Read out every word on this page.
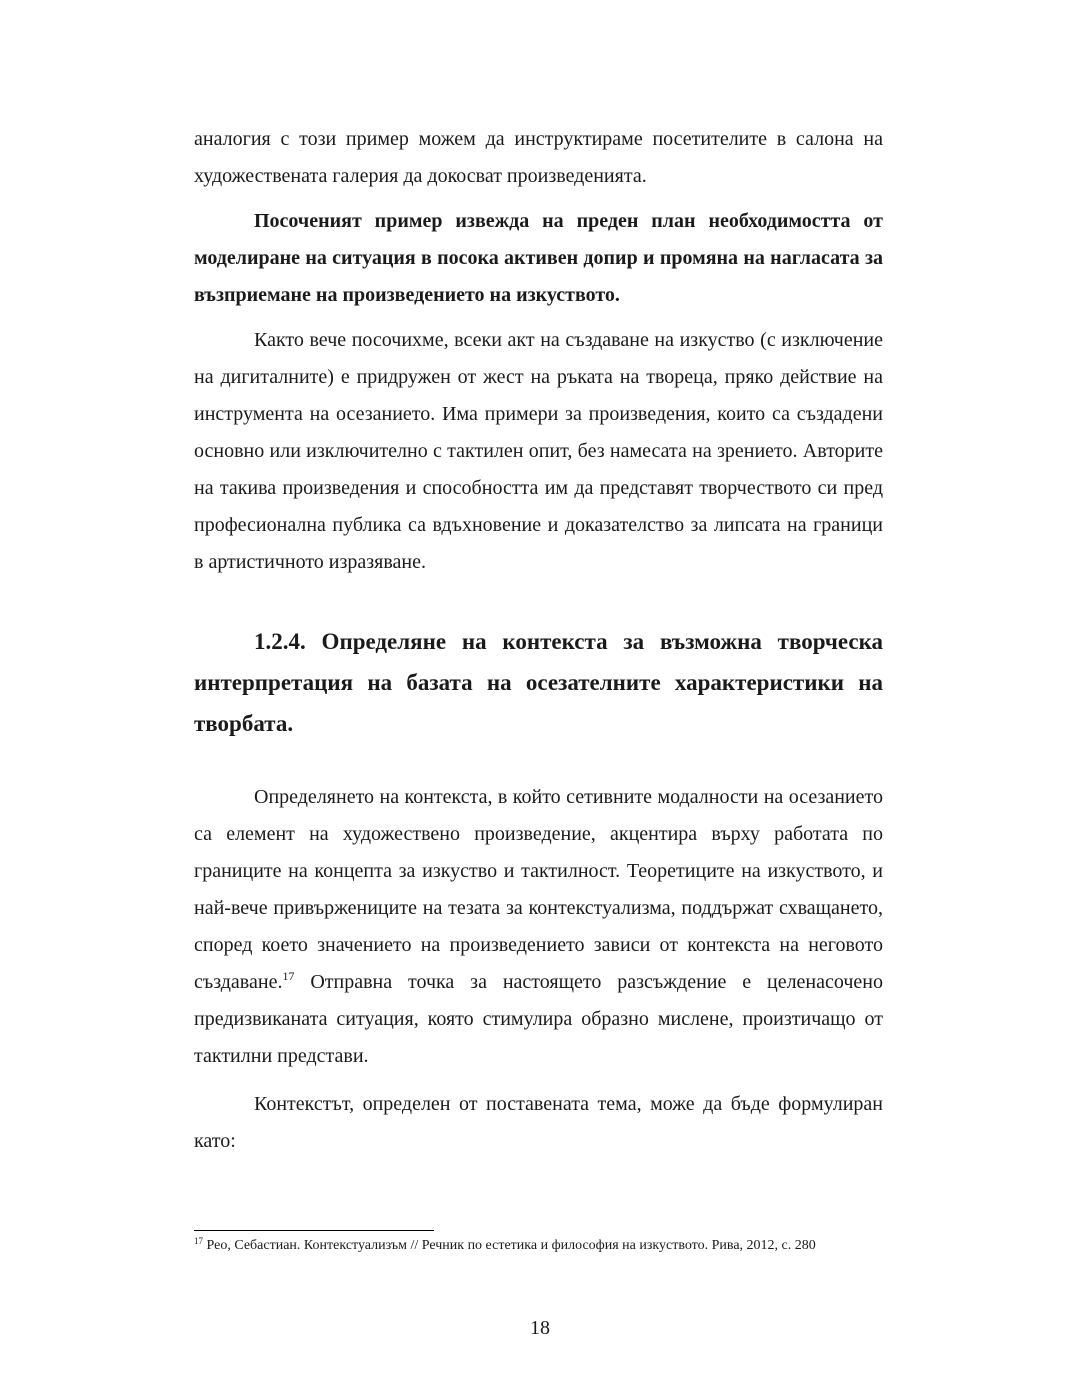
аналогия с този пример можем да инструктираме посетителите в салона на художествената галерия да докосват произведенията.

Посоченият пример извежда на преден план необходимостта от моделиране на ситуация в посока активен допир и промяна на нагласата за възприемане на произведението на изкуството.

Както вече посочихме, всеки акт на създаване на изкуство (с изключение на дигиталните) е придружен от жест на ръката на твореца, пряко действие на инструмента на осезанието. Има примери за произведения, които са създадени основно или изключително с тактилен опит, без намесата на зрението. Авторите на такива произведения и способността им да представят творчеството си пред професионална публика са вдъхновение и доказателство за липсата на граници в артистичното изразяване.

1.2.4. Определяне на контекста за възможна творческа интерпретация на базата на осезателните характеристики на творбата.

Определянето на контекста, в който сетивните модалности на осезанието са елемент на художествено произведение, акцентира върху работата по границите на концепта за изкуство и тактилност. Теоретиците на изкуството, и най-вече привържениците на тезата за контекстуализма, поддържат схващането, според което значението на произведението зависи от контекста на неговото създаване.$^{17}$ Отправна точка за настоящето разсъждение е целенасочено предизвиканата ситуация, която стимулира образно мислене, произтичащо от тактилни представи.

Контекстът, определен от поставената тема, може да бъде формулиран като:

$^{17}$ Рео, Себастиан. Контекстуализъм // Речник по естетика и философия на изкуството. Рива, 2012, с. 280

18
